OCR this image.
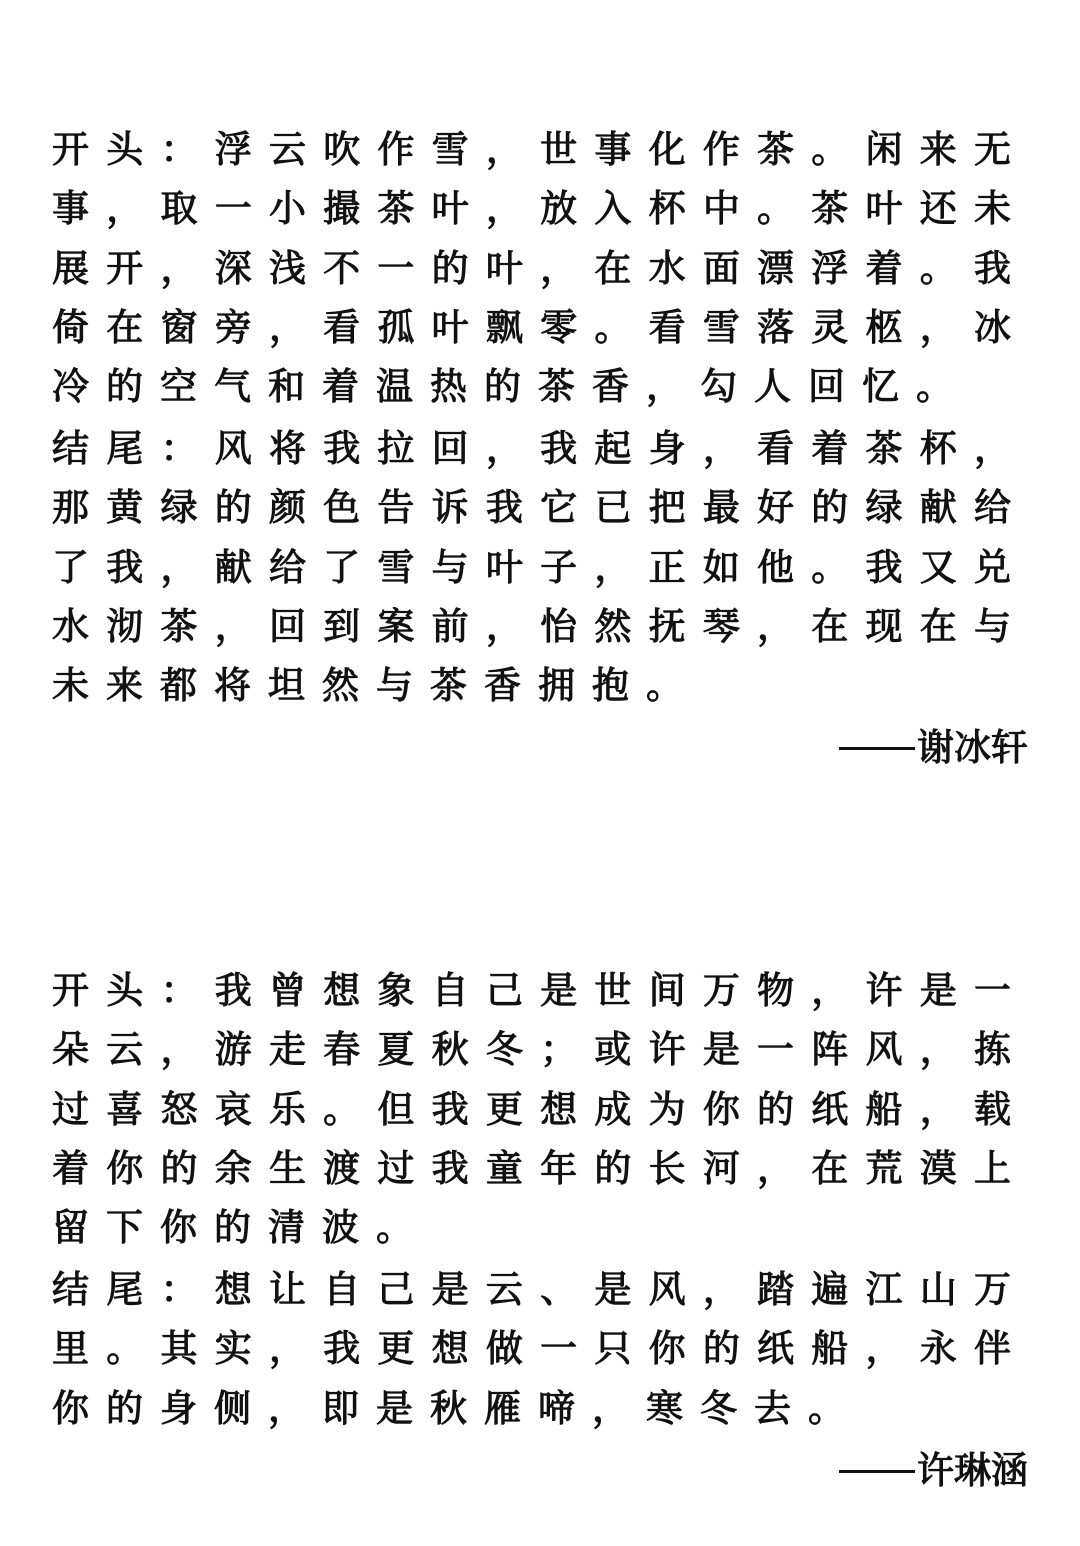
开头：浮云吹作雪，世事化作茶。闲来无事，取一小撮茶叶，放入杯中。茶叶还未展开，深浅不一的叶，在水面漂浮着。我倚在窗旁，看孤叶飘零。看雪落灵柩，冰冷的空气和着温热的茶香，勾人回忆。

结尾：风将我拉回，我起身，看着茶杯，那黄绿的颜色告诉我它已把最好的绿献给了我，献给了雪与叶子，正如他。我又兑水沏茶，回到案前，怡然抚琴，在现在与未来都将坦然与茶香拥抱。

谢冰轩

开头：我曾想象自己是世间万物，许是一朵云，游走春夏秋冬；或许是一阵风，拣过喜怒哀乐。但我更想成为你的纸船，载着你的余生渡过我童年的长河，在荒漠上留下你的清波。

结尾：想让自己是云、是风，踏遍江山万里。其实，我更想做一只你的纸船，永伴你的身侧，即是秋雁啼，寒冬去。

许琳涵
